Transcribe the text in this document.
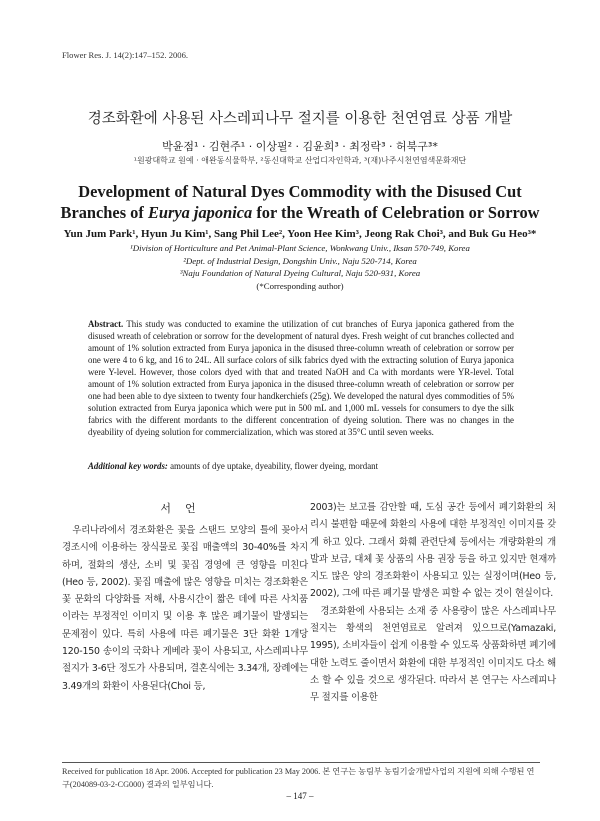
Flower Res. J. 14(2):147–152. 2006.
경조화환에 사용된 사스레피나무 절지를 이용한 천연염료 상품 개발
박윤점¹ · 김현주¹ · 이상필² · 김윤희³ · 최정락³ · 허북구³*
¹원광대학교 원예 · 애완동식물학부, ²동신대학교 산업디자인학과, ³(재)나주시천연염색문화재단
Development of Natural Dyes Commodity with the Disused Cut
Branches of Eurya japonica for the Wreath of Celebration or Sorrow
Yun Jum Park¹, Hyun Ju Kim¹, Sang Phil Lee², Yoon Hee Kim³, Jeong Rak Choi³, and Buk Gu Heo³*
¹Division of Horticulture and Pet Animal-Plant Science, Wonkwang Univ., Iksan 570-749, Korea
²Dept. of Industrial Design, Dongshin Univ., Naju 520-714, Korea
³Naju Foundation of Natural Dyeing Cultural, Naju 520-931, Korea
(*Corresponding author)
Abstract. This study was conducted to examine the utilization of cut branches of Eurya japonica gathered from the disused wreath of celebration or sorrow for the development of natural dyes. Fresh weight of cut branches collected and amount of 1% solution extracted from Eurya japonica in the disused three-column wreath of celebration or sorrow per one were 4 to 6 kg, and 16 to 24L. All surface colors of silk fabrics dyed with the extracting solution of Eurya japonica were Y-level. However, those colors dyed with that and treated NaOH and Ca with mordants were YR-level. Total amount of 1% solution extracted from Eurya japonica in the disused three-column wreath of celebration or sorrow per one had been able to dye sixteen to twenty four handkerchiefs (25g). We developed the natural dyes commodities of 5% solution extracted from Eurya japonica which were put in 500 mL and 1,000 mL vessels for consumers to dye the silk fabrics with the different mordants to the different concentration of dyeing solution. There was no changes in the dyeability of dyeing solution for commercialization, which was stored at 35°C until seven weeks.
Additional key words: amounts of dye uptake, dyeability, flower dyeing, mordant
서언

우리나라에서 경조화환은 꽃을 스탠드 모양의 틀에 꽂아서 경조시에 이용하는 장식물로 꽃집 매출액의 30-40%를 차지하며, 절화의 생산, 소비 및 꽃집 경영에 큰 영향을 미친다(Heo 등, 2002). 꽃집 매출에 많은 영향을 미치는 경조화환은 꽃 문화의 다양화를 저해, 사용시간이 짧은 데에 따른 사치품이라는 부정적인 이미지 및 이용 후 많은 폐기물이 발생되는 문제점이 있다. 특히 사용에 따른 폐기물은 3단 화환 1개당 120-150 송이의 국화나 게베라 꽃이 사용되고, 사스레피나무 절지가 3-6단 정도가 사용되며, 결혼식에는 3.34개, 장례에는 3.49개의 화환이 사용된다(Choi 등,

2003)는 보고를 감안할 때, 도심 공간 등에서 폐기화환의 처리시 불편함 때문에 화환의 사용에 대한 부정적인 이미지를 갖게 하고 있다. 그래서 화훼 관련단체 등에서는 개량화환의 개발과 보급, 대체 꽃 상품의 사용 권장 등을 하고 있지만 현재까지도 많은 양의 경조화환이 사용되고 있는 실정이며(Heo 등, 2002), 그에 따른 폐기물 발생은 피할 수 없는 것이 현실이다.

경조화환에 사용되는 소재 중 사용량이 많은 사스레피나무 절지는 황색의 천연염료로 알려져 있으므로(Yamazaki, 1995), 소비자들이 쉽게 이용할 수 있도록 상품화하면 폐기에 대한 노력도 줄이면서 화환에 대한 부정적인 이미지도 다소 해소 할 수 있을 것으로 생각된다. 따라서 본 연구는 사스레피나무 절지를 이용한

Received for publication 18 Apr. 2006. Accepted for publication 23 May 2006. 본 연구는 농림부 농림기술개발사업의 지원에 의해 수행된 연구(204089-03-2-CG000) 결과의 일부임니다.
– 147 –
